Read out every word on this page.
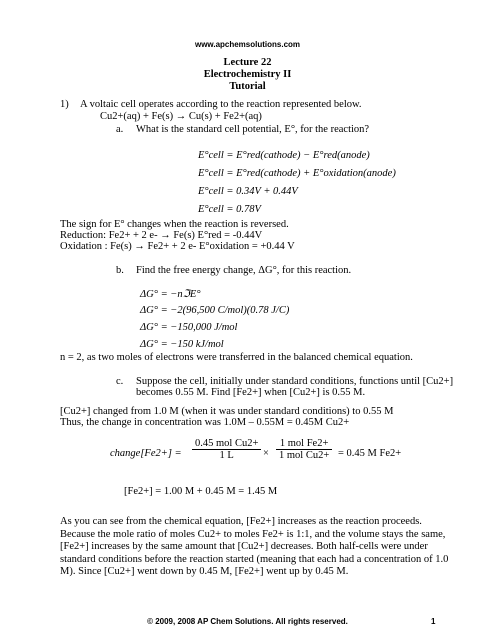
www.apchemsolutions.com
Lecture 22
Electrochemistry II
Tutorial
1) A voltaic cell operates according to the reaction represented below.
Cu2+(aq) + Fe(s) → Cu(s) + Fe2+(aq)
a. What is the standard cell potential, E°, for the reaction?
E°cell = E°red(cathode) − E°red(anode)
E°cell = E°red(cathode) + E°oxidation(anode)
E°cell = 0.34V + 0.44V
E°cell = 0.78V
The sign for E° changes when the reaction is reversed.
Reduction: Fe2+ + 2 e- → Fe(s) E°red = -0.44V
Oxidation : Fe(s) → Fe2+ + 2 e- E°oxidation = +0.44 V
b. Find the free energy change, ΔG°, for this reaction.
ΔG° = −nℑE°
ΔG° = −2(96,500 C/mol)(0.78 J/C)
ΔG° = −150,000 J/mol
ΔG° = −150 kJ/mol
n = 2, as two moles of electrons were transferred in the balanced chemical equation.
c. Suppose the cell, initially under standard conditions, functions until [Cu2+]
becomes 0.55 M. Find [Fe2+] when [Cu2+] is 0.55 M.
[Cu2+] changed from 1.0 M (when it was under standard conditions) to 0.55 M
Thus, the change in concentration was 1.0M – 0.55M = 0.45M Cu2+
change[Fe2+] = $\frac{\text{0.45 mol Cu2+}}{1 L} \times \frac{\text{1 mol Fe2+}}{\text{1 mol Cu2+}} = 0.45$ M Fe2+
[Fe2+] = 1.00 M + 0.45 M = 1.45 M
As you can see from the chemical equation, [Fe2+] increases as the reaction proceeds. Because the mole ratio of moles Cu2+ to moles Fe2+ is 1:1, and the volume stays the same, [Fe2+] increases by the same amount that [Cu2+] decreases. Both half-cells were under standard conditions before the reaction started (meaning that each had a concentration of 1.0 M). Since [Cu2+] went down by 0.45 M, [Fe2+] went up by 0.45 M.
© 2009, 2008 AP Chem Solutions. All rights reserved.	1
